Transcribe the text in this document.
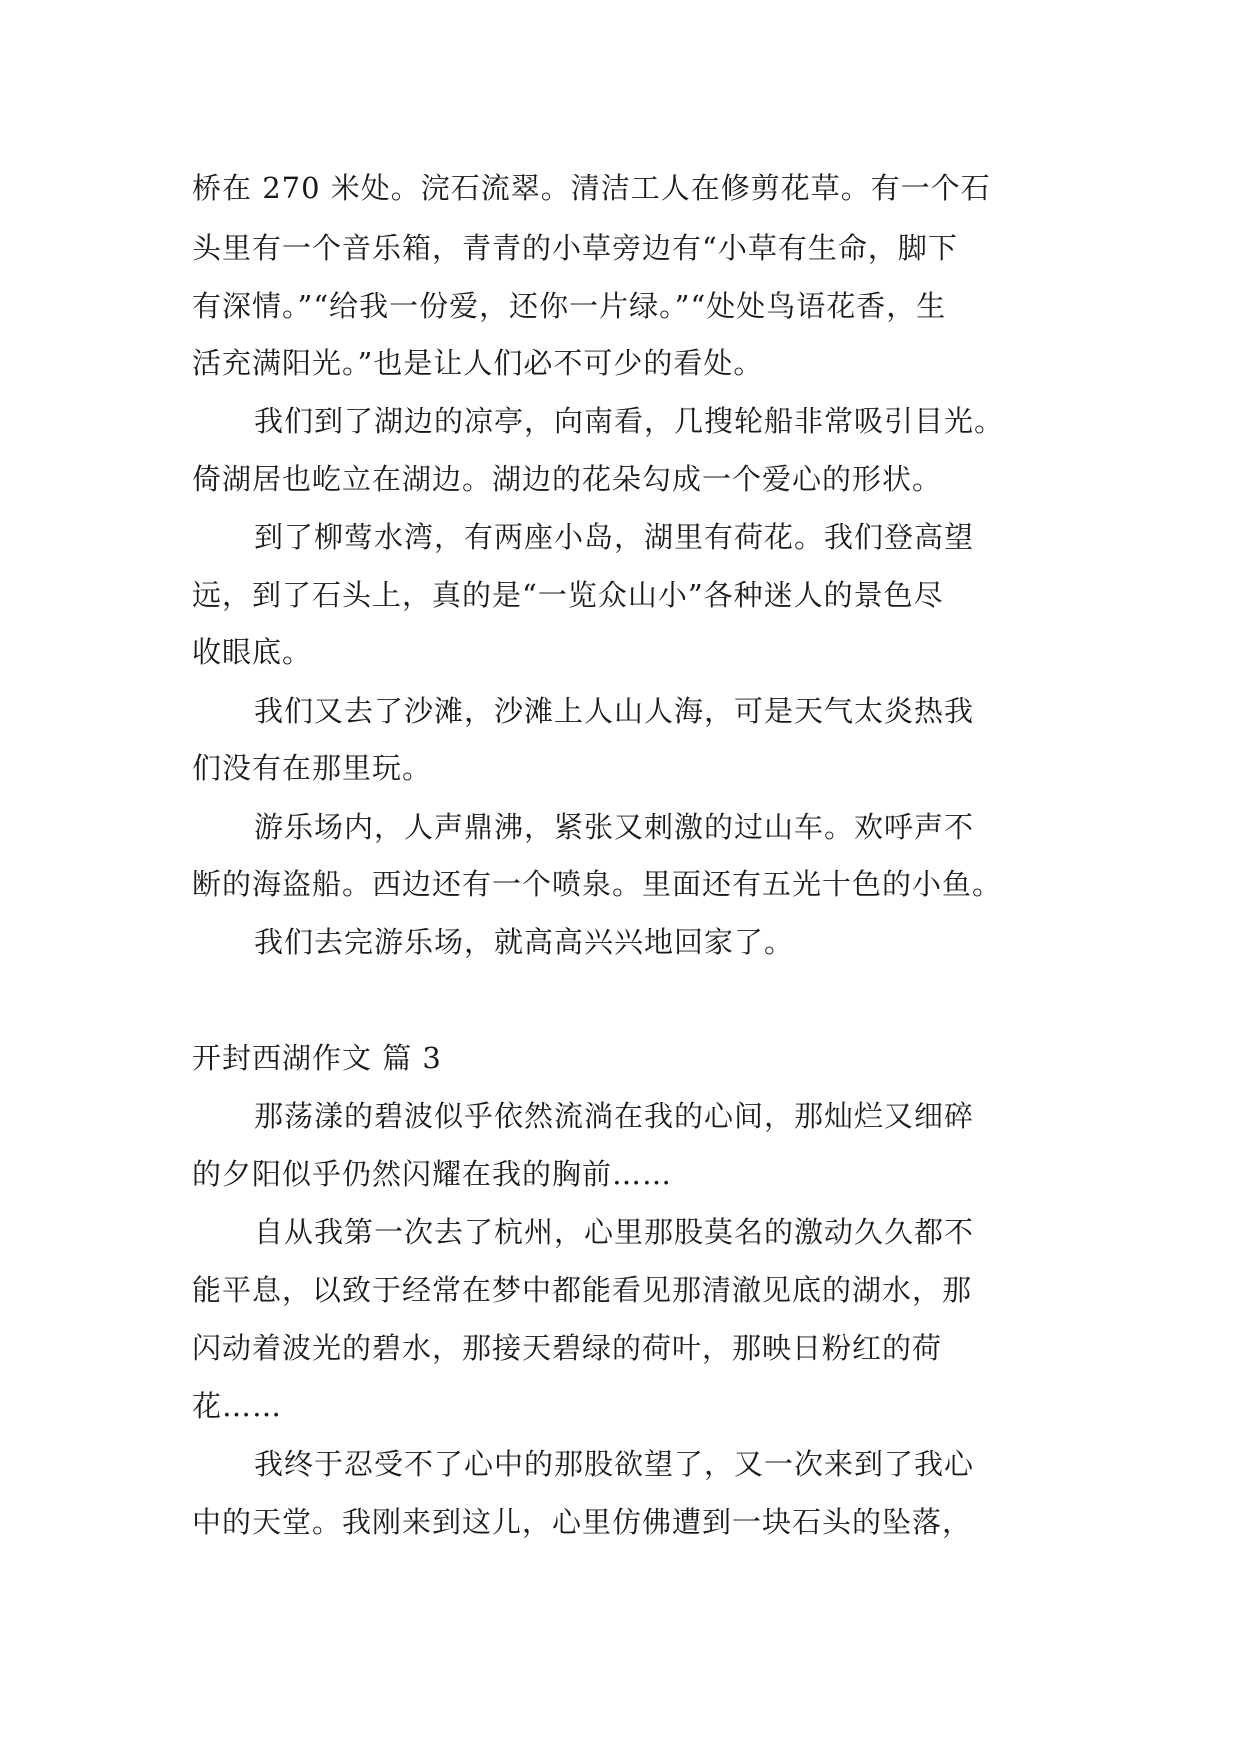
桥在 270 米处。浣石流翠。清洁工人在修剪花草。有一个石
头里有一个音乐箱，青青的小草旁边有“小草有生命，脚下
有深情。”“给我一份爱，还你一片绿。”“处处鸟语花香，生
活充满阳光。”也是让人们必不可少的看处。
我们到了湖边的凉亭，向南看，几搜轮船非常吸引目光。
倚湖居也屹立在湖边。湖边的花朵勾成一个爱心的形状。
到了柳莺水湾，有两座小岛，湖里有荷花。我们登高望
远，到了石头上，真的是“一览众山小”各种迷人的景色尽
收眼底。
我们又去了沙滩，沙滩上人山人海，可是天气太炎热我
们没有在那里玩。
游乐场内，人声鼎沸，紧张又刺激的过山车。欢呼声不
断的海盗船。西边还有一个喷泉。里面还有五光十色的小鱼。
我们去完游乐场，就高高兴兴地回家了。
开封西湖作文 篇 3
那荡漾的碧波似乎依然流淌在我的心间，那灿烂又细碎
的夕阳似乎仍然闪耀在我的胸前……
自从我第一次去了杭州，心里那股莫名的激动久久都不
能平息，以致于经常在梦中都能看见那清澈见底的湖水，那
闪动着波光的碧水，那接天碧绿的荷叶，那映日粉红的荷
花……
我终于忍受不了心中的那股欲望了，又一次来到了我心
中的天堂。我刚来到这儿，心里仿佛遭到一块石头的坠落，
